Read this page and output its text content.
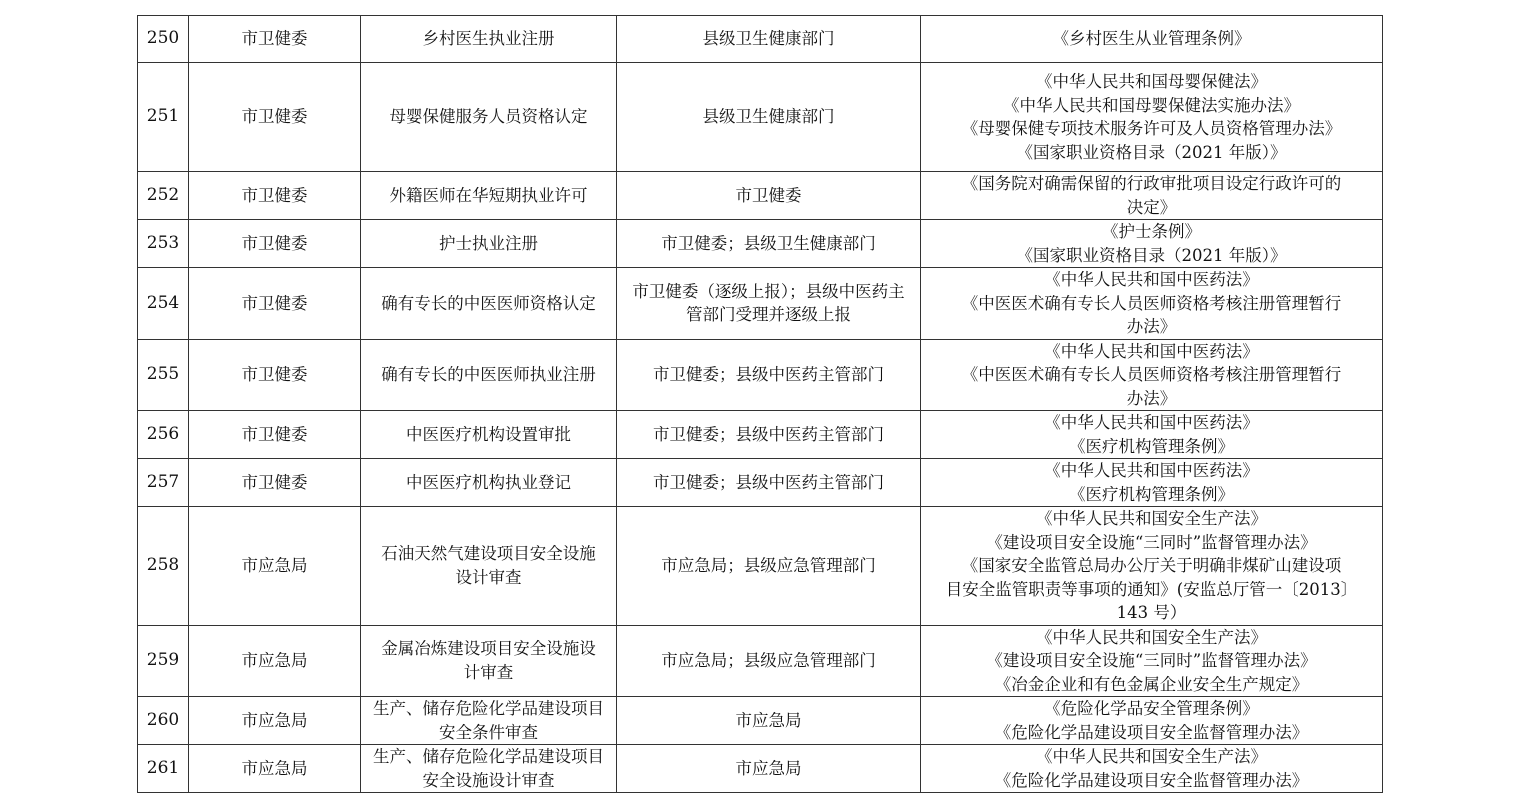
250	市卫健委	乡村医生执业注册	县级卫生健康部门	《乡村医生从业管理条例》

251	市卫健委	母婴保健服务人员资格认定	县级卫生健康部门	《中华人民共和国母婴保健法》
《中华人民共和国母婴保健法实施办法》
《母婴保健专项技术服务许可及人员资格管理办法》
《国家职业资格目录（2021 年版）》

252	市卫健委	外籍医师在华短期执业许可	市卫健委	《国务院对确需保留的行政审批项目设定行政许可的
决定》

253	市卫健委	护士执业注册	市卫健委；县级卫生健康部门	《护士条例》
《国家职业资格目录（2021 年版）》

254	市卫健委	确有专长的中医医师资格认定	市卫健委（逐级上报）；县级中医药主管部门受理并逐级上报	《中华人民共和国中医药法》
《中医医术确有专长人员医师资格考核注册管理暂行
办法》

255	市卫健委	确有专长的中医医师执业注册	市卫健委；县级中医药主管部门	《中华人民共和国中医药法》
《中医医术确有专长人员医师资格考核注册管理暂行
办法》

256	市卫健委	中医医疗机构设置审批	市卫健委；县级中医药主管部门	《中华人民共和国中医药法》
《医疗机构管理条例》

257	市卫健委	中医医疗机构执业登记	市卫健委；县级中医药主管部门	《中华人民共和国中医药法》
《医疗机构管理条例》

258	市应急局	石油天然气建设项目安全设施设计审查	市应急局；县级应急管理部门	《中华人民共和国安全生产法》
《建设项目安全设施“三同时”监督管理办法》
《国家安全监管总局办公厅关于明确非煤矿山建设项
目安全监管职责等事项的通知》(安监总厅管一〔2013〕
143 号）

259	市应急局	金属冶炼建设项目安全设施设计审查	市应急局；县级应急管理部门	《中华人民共和国安全生产法》
《建设项目安全设施“三同时”监督管理办法》
《冶金企业和有色金属企业安全生产规定》

260	市应急局	生产、储存危险化学品建设项目安全条件审查	市应急局	《危险化学品安全管理条例》
《危险化学品建设项目安全监督管理办法》

261	市应急局	生产、储存危险化学品建设项目安全设施设计审查	市应急局	《中华人民共和国安全生产法》
《危险化学品建设项目安全监督管理办法》
